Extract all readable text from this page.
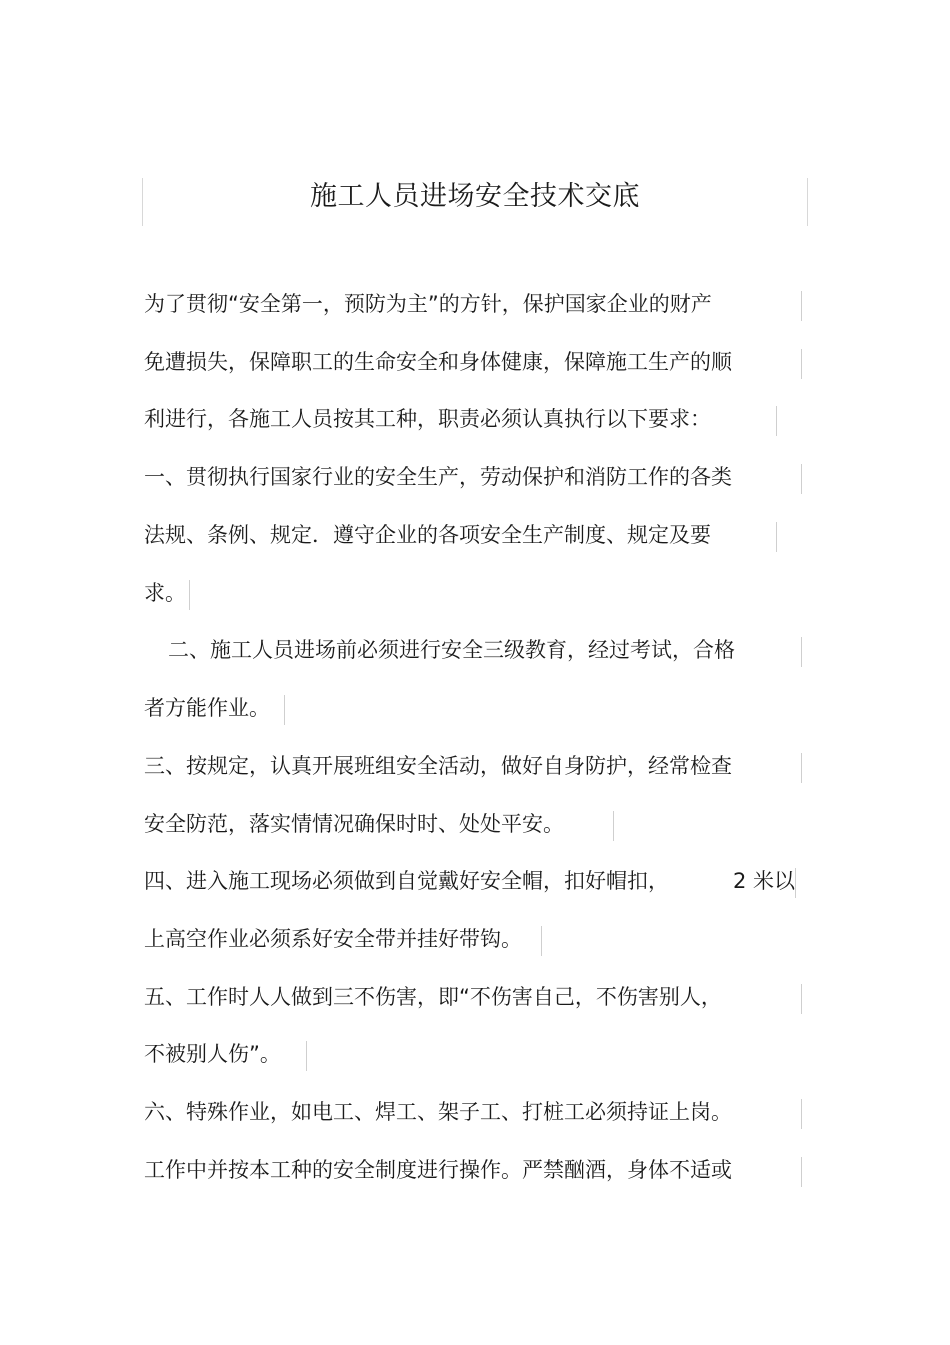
施工人员进场安全技术交底
为了贯彻“安全第一，预防为主”的方针，保护国家企业的财产
免遭损失，保障职工的生命安全和身体健康，保障施工生产的顺
利进行，各施工人员按其工种，职责必须认真执行以下要求：
一、贯彻执行国家行业的安全生产，劳动保护和消防工作的各类
法规、条例、规定．遵守企业的各项安全生产制度、规定及要
求。
二、施工人员进场前必须进行安全三级教育，经过考试，合格
者方能作业。
三、按规定，认真开展班组安全活动，做好自身防护，经常检查
安全防范，落实情情况确保时时、处处平安。
四、进入施工现场必须做到自觉戴好安全帽，扣好帽扣，	2 米以
上高空作业必须系好安全带并挂好带钩。
五、工作时人人做到三不伤害，即“不伤害自己，不伤害别人，
不被别人伤”。
六、特殊作业，如电工、焊工、架子工、打桩工必须持证上岗。
工作中并按本工种的安全制度进行操作。严禁酗酒，身体不适或
